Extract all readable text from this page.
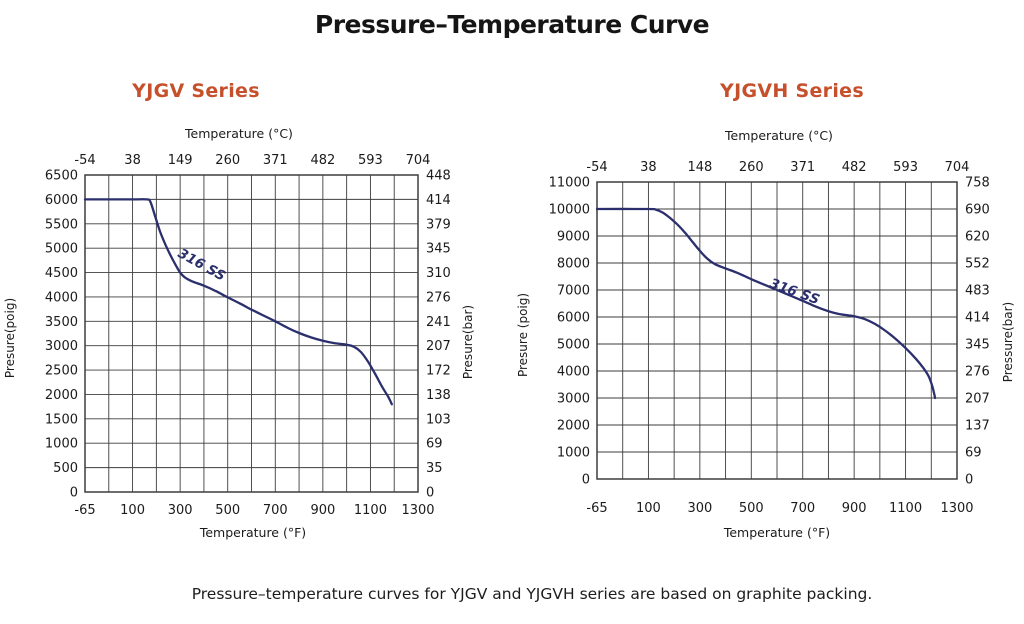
Pressure–Temperature Curve
YJGV Series	YJGVH Series
-54 38 149 260 371 482 593 704
-65 100 300 500 700 900 1100 1300
6500
6000
5500
5000
4500
4000
3500
3000
2500
2000
1500
1000
500
0
448
414
379
345
310
276
241
207
172
138
103
69
35
0
Temperature (°C)
Temperature (°F)
Presure(poig)	Presure(bar)
316 SS
-54	38 148 260 371 482 593 704
-65 100 300 500 700 900 1100 1300
11000
10000
9000
8000
7000
6000
5000
4000
3000
2000
1000
0
758
690
620
552
483
414
345
276
207
137
69
0
Temperature (°C)
Temperature (°F)
Presure (poig)	Pressure(bar)
316 SS
Pressure–temperature curves for YJGV and YJGVH series are based on graphite packing.
